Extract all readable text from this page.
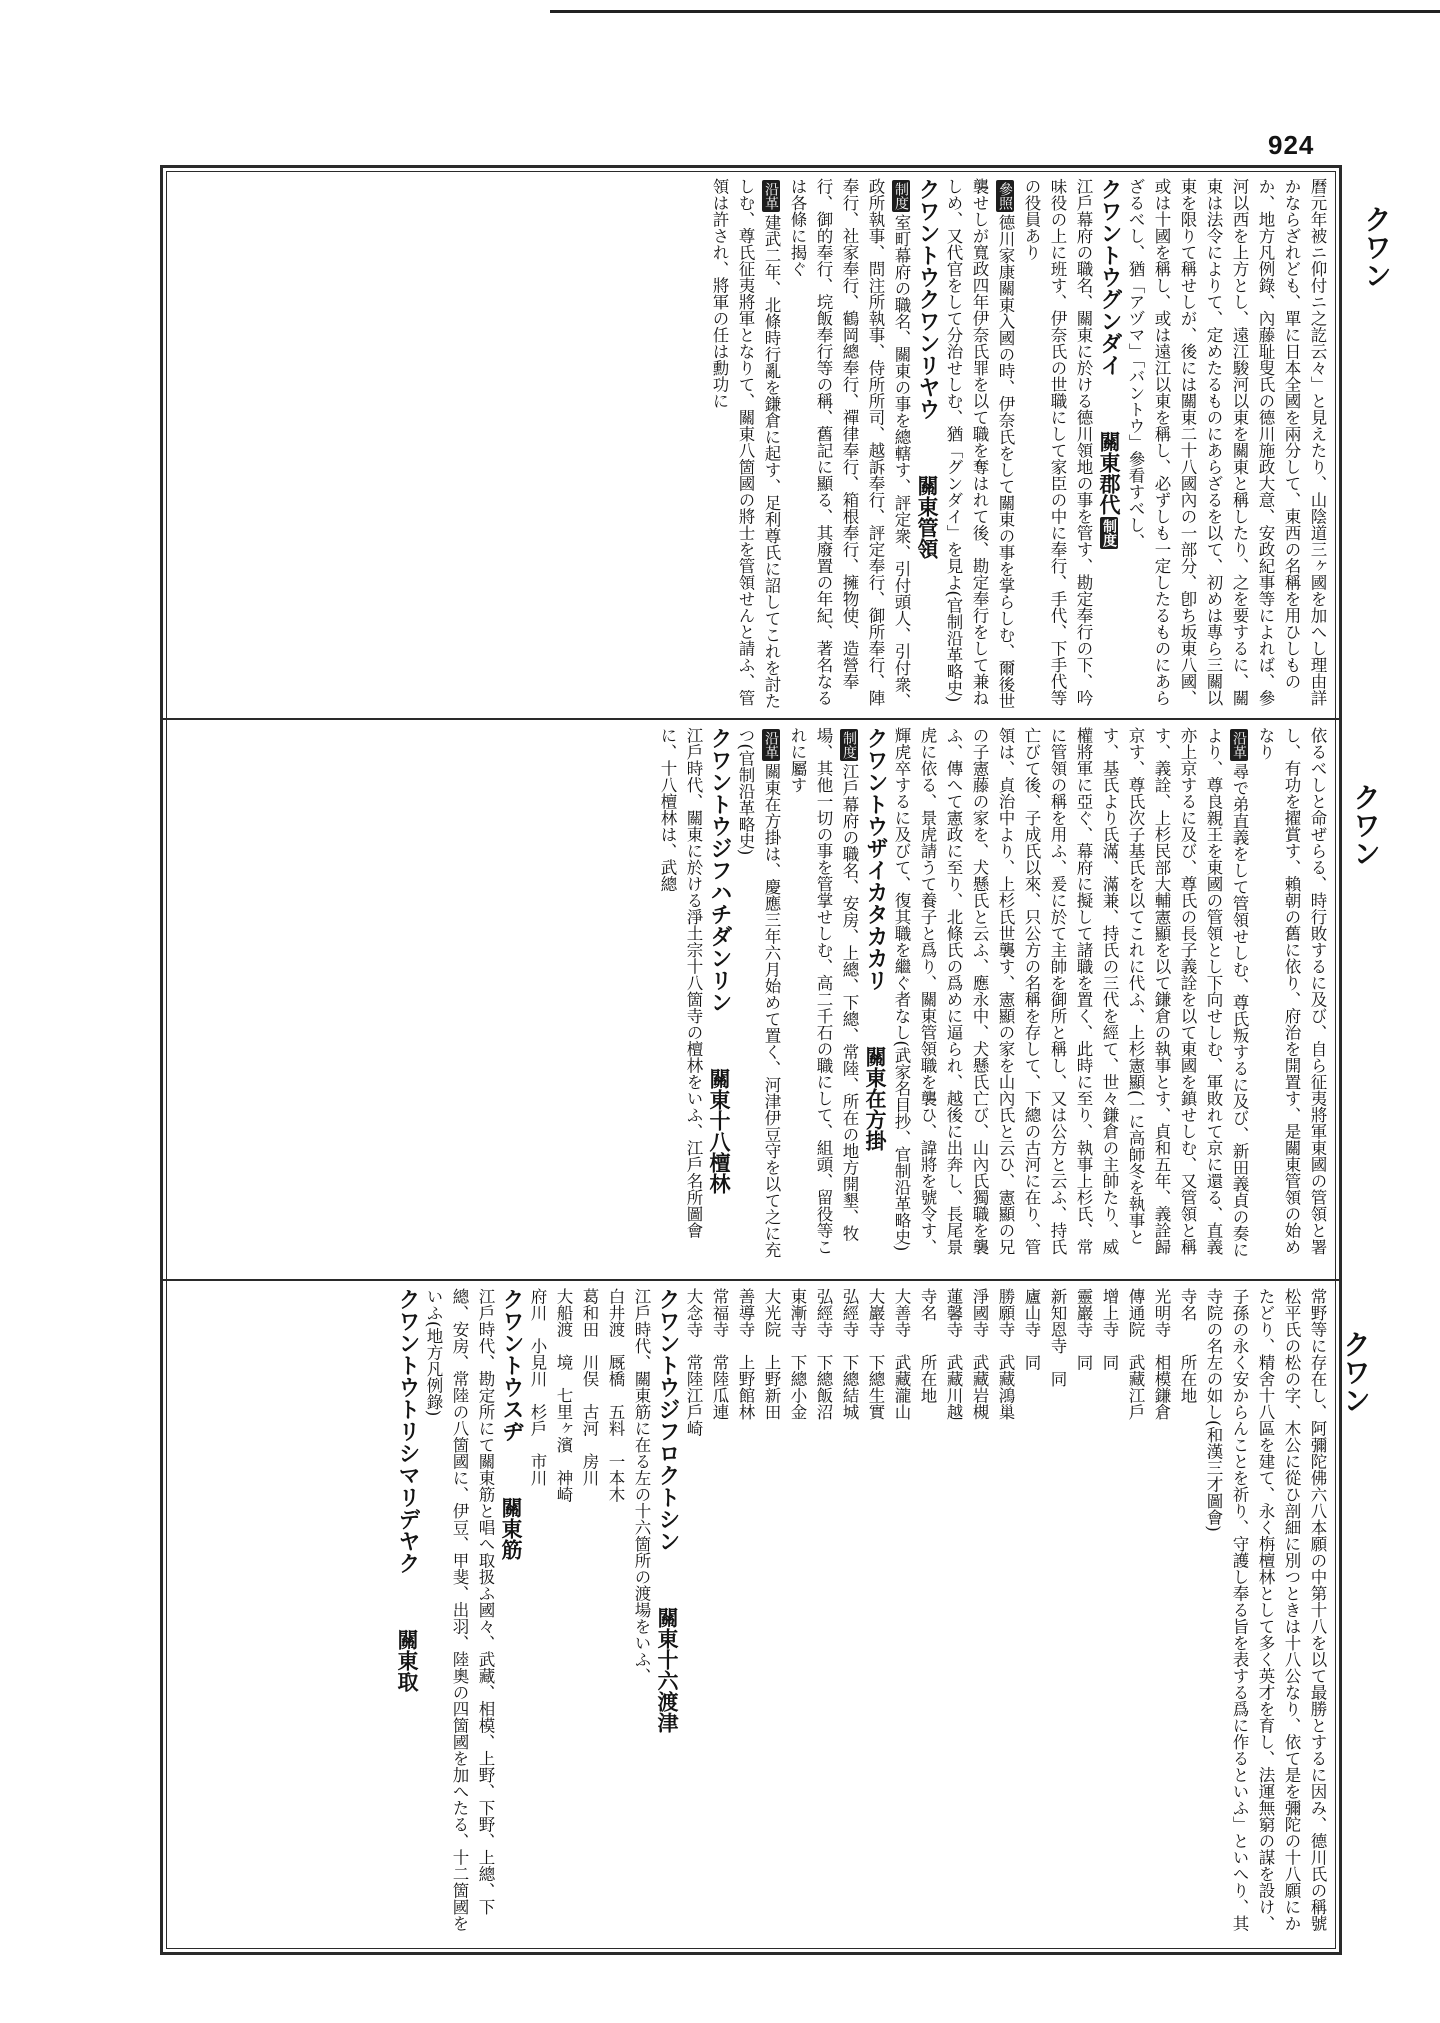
924
クワン
クワン
クワン

曆元年被ニ仰付ニ之訖云々」と見えたり、山陰道三ヶ國を加へし理由詳かならざれども、單に日本全國を兩分して、東西の名稱を用ひしものか、地方凡例錄、內藤耻叟氏の德川施政大意、安政紀事等によれば、參河以西を上方とし、遠江駿河以東を關東と稱したり、之を要するに、關東は法令によりて、定めたるものにあらざるを以て、初めは專ら三關以東を限りて稱せしが、後には關東二十八國內の一部分、卽ち坂東八國、或は十國を稱し、或は遠江以東を稱し、必ずしも一定したるものにあらざるべし、猶「アヅマ」「バントウ」參看すべし、

クワントウグンダイ　關東郡代制度

江戶幕府の職名、關東に於ける德川領地の事を管す、勘定奉行の下、吟味役の上に班す、伊奈氏の世職にして家臣の中に奉行、手代、下手代等の役員あり

參照德川家康關東入國の時、伊奈氏をして關東の事を掌らしむ、爾後世襲せしが寬政四年伊奈氏罪を以て職を奪はれて後、勘定奉行をして兼ねしめ、又代官をして分治せしむ、猶「グンダイ」を見よ(官制沿革略史)

クワントウクワンリヤウ　關東管領

制度室町幕府の職名、關東の事を總轄す、評定衆、引付頭人、引付衆、政所執事、問注所執事、侍所所司、越訴奉行、評定奉行、御所奉行、陣奉行、社家奉行、鶴岡總奉行、禪律奉行、箱根奉行、擁物使、造營奉行、御的奉行、垸飯奉行等の稱、舊記に顯る、其廢置の年紀、著名なるは各條に揭ぐ

沿革建武二年、北條時行亂を鎌倉に起す、足利尊氏に詔してこれを討たしむ、尊氏征夷將軍となりて、關東八箇國の將士を管領せんと請ふ、管領は許され、將軍の任は勳功に

依るべしと命ぜらる、時行敗するに及び、自ら征夷將軍東國の管領と署し、有功を擢賞す、賴朝の舊に依り、府治を開置す、是關東管領の始めなり

沿革尋で弟直義をして管領せしむ、尊氏叛するに及び、新田義貞の奏により、尊良親王を東國の管領とし下向せしむ、軍敗れて京に還る、直義亦上京するに及び、尊氏の長子義詮を以て東國を鎮せしむ、又管領と稱す、義詮、上杉民部大輔憲顯を以て鎌倉の執事とす、貞和五年、義詮歸京す、尊氏次子基氏を以てこれに代ふ、上杉憲顯(一に高師冬を執事とす、基氏より氏滿、滿兼、持氏の三代を經て、世々鎌倉の主帥たり、威權將軍に亞ぐ、幕府に擬して諸職を置く、此時に至り、執事上杉氏、常に管領の稱を用ふ、爰に於て主帥を御所と稱し、又は公方と云ふ、持氏亡びて後、子成氏以來、只公方の名稱を存して、下總の古河に在り、管領は、貞治中より、上杉氏世襲す、憲顯の家を山內氏と云ひ、憲顯の兄の子憲藤の家を、犬懸氏と云ふ、應永中、犬懸氏亡び、山內氏獨職を襲ふ、傳へて憲政に至り、北條氏の爲めに逼られ、越後に出奔し、長尾景虎に依る、景虎請うて養子と爲り、關東管領職を襲ひ、諱將を號令す、輝虎卒するに及びて、復其職を繼ぐ者なし(武家名目抄、官制沿革略史)

クワントウザイカタカカリ　關東在方掛

制度江戶幕府の職名、安房、上總、下總、常陸、所在の地方開墾、牧場、其他一切の事を管掌せしむ、高二千石の職にして、組頭、留役等これに屬す

沿革關東在方掛は、慶應三年六月始めて置く、河津伊豆守を以て之に充つ(官制沿革略史)

クワントウジフハチダンリン　關東十八檀林

江戶時代、關東に於ける淨土宗十八箇寺の檀林をいふ、江戶名所圖會に、十八檀林は、武總

常野等に存在し、阿彌陀佛六八本願の中第十八を以て最勝とするに因み、德川氏の稱號松平氏の松の字、木公に從ひ剖細に別つときは十八公なり、依て是を彌陀の十八願にかたどり、精舍十八區を建て、永く栴檀林として多く英才を育し、法運無窮の謀を設け、子孫の永く安からんことを祈り、守護し奉る旨を表する爲に作るといふ」といへり、其寺院の名左の如し(和漢三才圖會)

寺名　　所在地
光明寺　相模鎌倉
傳通院　武藏江戶
增上寺　同
靈巖寺　同
新知恩寺　同
廬山寺　同
勝願寺　武藏鴻巢
淨國寺　武藏岩槻
蓮馨寺　武藏川越

寺名　　所在地
大善寺　武藏瀧山
大巖寺　下總生實
弘經寺　下總結城
弘經寺　下總飯沼
東漸寺　下總小金
大光院　上野新田
善導寺　上野館林
常福寺　常陸瓜連
大念寺　常陸江戶崎

クワントウジフロクトシン　關東十六渡津

江戶時代、關東筋に在る左の十六箇所の渡場をいふ、

白井渡　厩橋　五料　一本木
葛和田　川俣　古河　房川
大船渡　境　七里ヶ濱　神崎
府川　小見川　杉戶　市川

クワントウスヂ　關東筋

江戶時代、勘定所にて關東筋と唱へ取扱ふ國々、武藏、相模、上野、下野、上總、下總、安房、常陸の八箇國に、伊豆、甲斐、出羽、陸奧の四箇國を加へたる、十二箇國をいふ(地方凡例錄)

クワントウトリシマリデヤク　關東取
